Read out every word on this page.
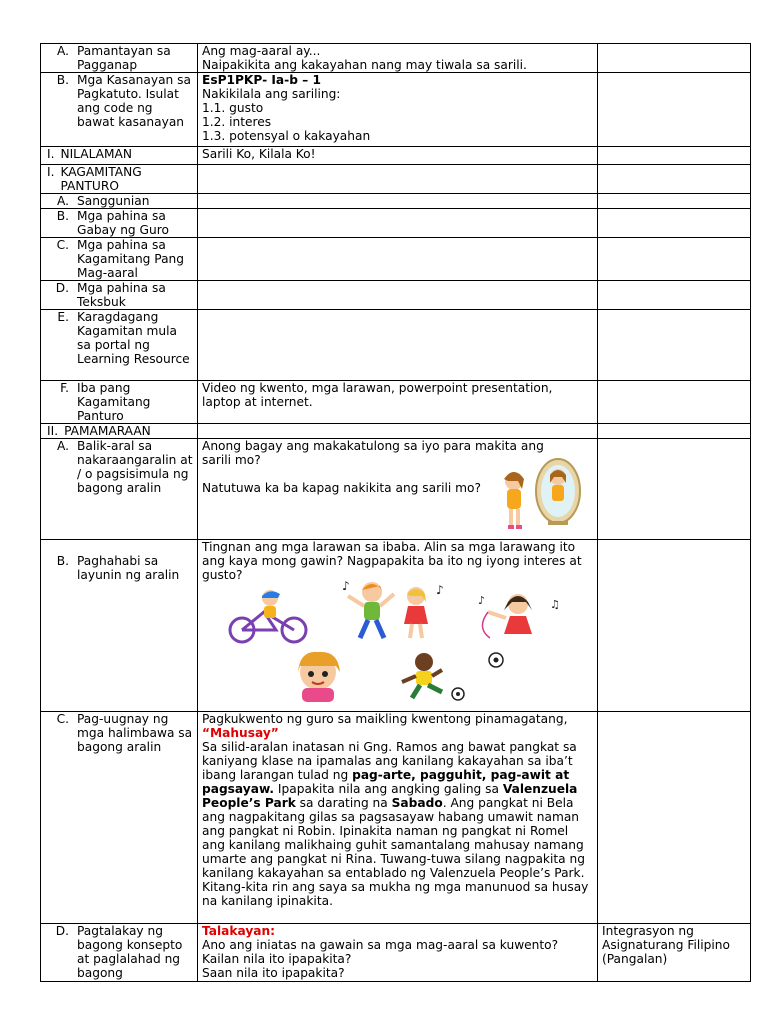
A. Pamantayan sa Pagganap	Ang mag-aaral ay...
Naipakikita ang kakayahan nang may tiwala sa sarili.	

B. Mga Kasanayan sa Pagkatuto. Isulat ang code ng bawat kasanayan	EsP1PKP- Ia-b – 1
Nakikilala ang sariling:
1.1. gusto
1.2. interes
1.3. potensyal o kakayahan	

I. NILALAMAN	Sarili Ko, Kilala Ko!	

I. KAGAMITANG PANTURO		

A. Sanggunian		

B. Mga pahina sa Gabay ng Guro		

C. Mga pahina sa Kagamitang Pang Mag-aaral		

D. Mga pahina sa Teksbuk		

E. Karagdagang Kagamitan mula sa portal ng Learning Resource		

F. Iba pang Kagamitang Panturo	Video ng kwento, mga larawan, powerpoint presentation, laptop at internet.	

II. PAMAMARAAN		

A. Balik-aral sa nakaraangaralin at / o pagsisimula ng bagong aralin	Anong bagay ang makakatulong sa iyo para makita ang sarili mo?
Natutuwa ka ba kapag nakikita ang sarili mo?	

B. Paghahabi sa layunin ng aralin	Tingnan ang mga larawan sa ibaba. Alin sa mga larawang ito ang kaya mong gawin? Nagpapakita ba ito ng iyong interes at gusto?
♪
♪
♪ ♫	

C. Pag-uugnay ng mga halimbawa sa bagong aralin	Pagkukwento ng guro sa maikling kwentong pinamagatang, “Mahusay”
Sa silid-aralan inatasan ni Gng. Ramos ang bawat pangkat sa kaniyang klase na ipamalas ang kanilang kakayahan sa iba’t ibang larangan tulad ng pag-arte, pagguhit, pag-awit at pagsayaw. Ipapakita nila ang angking galing sa Valenzuela People’s Park sa darating na Sabado. Ang pangkat ni Bela ang nagpakitang gilas sa pagsasayaw habang umawit naman ang pangkat ni Robin. Ipinakita naman ng pangkat ni Romel ang kanilang malikhaing guhit samantalang mahusay namang umarte ang pangkat ni Rina. Tuwang-tuwa silang nagpakita ng kanilang kakayahan sa entablado ng Valenzuela People’s Park. Kitang-kita rin ang saya sa mukha ng mga manunuod sa husay na kanilang ipinakita.	

D. Pagtalakay ng bagong konsepto at paglalahad ng bagong	Talakayan:
Ano ang iniatas na gawain sa mga mag-aaral sa kuwento?
Kailan nila ito ipapakita?
Saan nila ito ipapakita?	Integrasyon ng Asignaturang Filipino (Pangalan)
